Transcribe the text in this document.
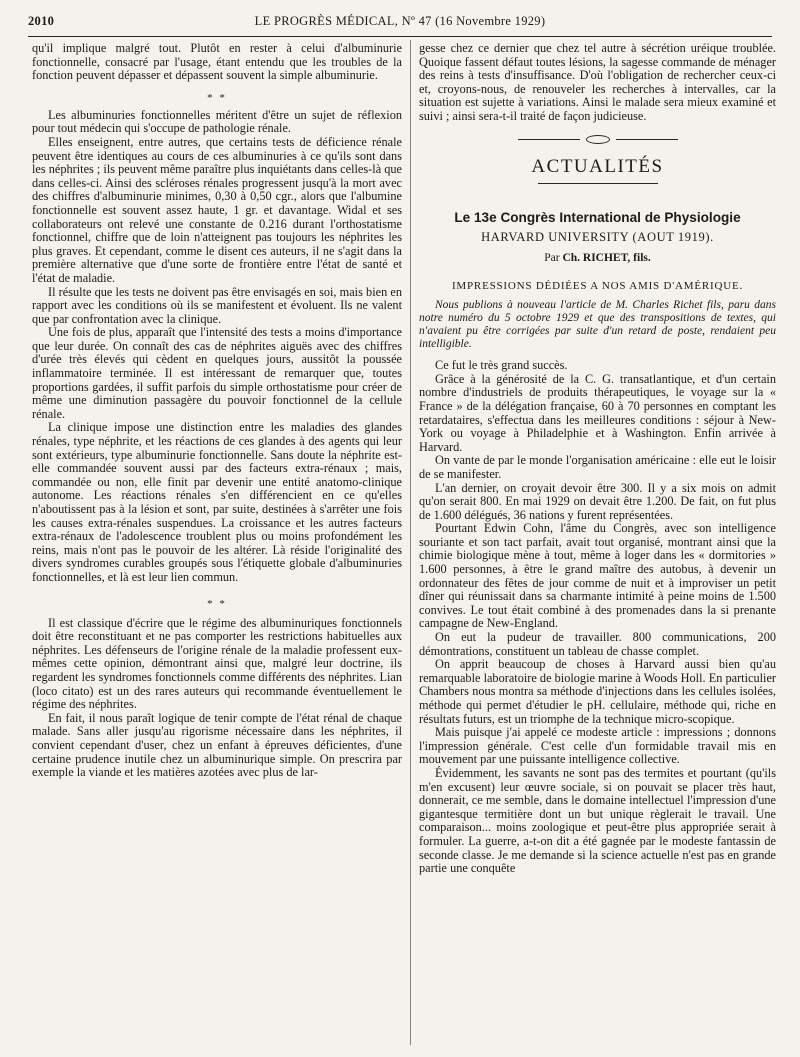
2010	LE PROGRÈS MÉDICAL, Nº 47 (16 Novembre 1929)

qu'il implique malgré tout. Plutôt en rester à celui d'albuminurie fonctionnelle, consacré par l'usage, étant entendu que les troubles de la fonction peuvent dépasser et dépassent souvent la simple albuminurie.

* *

Les albuminuries fonctionnelles méritent d'être un sujet de réflexion pour tout médecin qui s'occupe de pathologie rénale.

Elles enseignent, entre autres, que certains tests de déficience rénale peuvent être identiques au cours de ces albuminuries à ce qu'ils sont dans les néphrites ; ils peuvent même paraître plus inquiétants dans celles-là que dans celles-ci. Ainsi des scléroses rénales progressent jusqu'à la mort avec des chiffres d'albuminurie minimes, 0,30 à 0,50 cgr., alors que l'albumine fonctionnelle est souvent assez haute, 1 gr. et davantage. Widal et ses collaborateurs ont relevé une constante de 0.216 durant l'orthostatisme fonctionnel, chiffre que de loin n'atteignent pas toujours les néphrites les plus graves. Et cependant, comme le disent ces auteurs, il ne s'agit dans la première alternative que d'une sorte de frontière entre l'état de santé et l'état de maladie.

Il résulte que les tests ne doivent pas être envisagés en soi, mais bien en rapport avec les conditions où ils se manifestent et évoluent. Ils ne valent que par confrontation avec la clinique.

Une fois de plus, apparaît que l'intensité des tests a moins d'importance que leur durée. On connaît des cas de néphrites aiguës avec des chiffres d'urée très élevés qui cèdent en quelques jours, aussitôt la poussée inflammatoire terminée. Il est intéressant de remarquer que, toutes proportions gardées, il suffit parfois du simple orthostatisme pour créer de même une diminution passagère du pouvoir fonctionnel de la cellule rénale.

La clinique impose une distinction entre les maladies des glandes rénales, type néphrite, et les réactions de ces glandes à des agents qui leur sont extérieurs, type albuminurie fonctionnelle. Sans doute la néphrite est-elle commandée souvent aussi par des facteurs extra-rénaux ; mais, commandée ou non, elle finit par devenir une entité anatomo-clinique autonome. Les réactions rénales s'en différencient en ce qu'elles n'aboutissent pas à la lésion et sont, par suite, destinées à s'arrêter une fois les causes extra-rénales suspendues. La croissance et les autres facteurs extra-rénaux de l'adolescence troublent plus ou moins profondément les reins, mais n'ont pas le pouvoir de les altérer. Là réside l'originalité des divers syndromes curables groupés sous l'étiquette globale d'albuminuries fonctionnelles, et là est leur lien commun.

* *

Il est classique d'écrire que le régime des albuminuriques fonctionnels doit être reconstituant et ne pas comporter les restrictions habituelles aux néphrites. Les défenseurs de l'origine rénale de la maladie professent eux-mêmes cette opinion, démontrant ainsi que, malgré leur doctrine, ils regardent les syndromes fonctionnels comme différents des néphrites. Lian (loco citato) est un des rares auteurs qui recommande éventuellement le régime des néphrites.

En fait, il nous paraît logique de tenir compte de l'état rénal de chaque malade. Sans aller jusqu'au rigorisme nécessaire dans les néphrites, il convient cependant d'user, chez un enfant à épreuves déficientes, d'une certaine prudence inutile chez un albuminurique simple. On prescrira par exemple la viande et les matières azotées avec plus de lar-

gesse chez ce dernier que chez tel autre à sécrétion uréique troublée. Quoique fassent défaut toutes lésions, la sagesse commande de ménager des reins à tests d'insuffisance. D'où l'obligation de rechercher ceux-ci et, croyons-nous, de renouveler les recherches à intervalles, car la situation est sujette à variations. Ainsi le malade sera mieux examiné et suivi ; ainsi sera-t-il traité de façon judicieuse.

ACTUALITÉS
Le 13e Congrès International de Physiologie
HARVARD UNIVERSITY (AOUT 1919).
Par Ch. RICHET, fils.
IMPRESSIONS DÉDIÉES A NOS AMIS D'AMÉRIQUE.

Nous publions à nouveau l'article de M. Charles Richet fils, paru dans notre numéro du 5 octobre 1929 et que des transpositions de textes, qui n'avaient pu être corrigées par suite d'un retard de poste, rendaient peu intelligible.

Ce fut le très grand succès.

Grâce à la générosité de la C. G. transatlantique, et d'un certain nombre d'industriels de produits thérapeutiques, le voyage sur la « France » de la délégation française, 60 à 70 personnes en comptant les retardataires, s'effectua dans les meilleures conditions : séjour à New-York ou voyage à Philadelphie et à Washington. Enfin arrivée à Harvard.

On vante de par le monde l'organisation américaine : elle eut le loisir de se manifester.

L'an dernier, on croyait devoir être 300. Il y a six mois on admit qu'on serait 800. En mai 1929 on devait être 1.200. De fait, on fut plus de 1.600 délégués, 36 nations y furent représentées.

Pourtant Edwin Cohn, l'âme du Congrès, avec son intelligence souriante et son tact parfait, avait tout organisé, montrant ainsi que la chimie biologique mène à tout, même à loger dans les « dormitories » 1.600 personnes, à être le grand maître des autobus, à devenir un ordonnateur des fêtes de jour comme de nuit et à improviser un petit dîner qui réunissait dans sa charmante intimité à peine moins de 1.500 convives. Le tout était combiné à des promenades dans la si prenante campagne de New-England.

On eut la pudeur de travailler. 800 communications, 200 démontrations, constituent un tableau de chasse complet.

On apprit beaucoup de choses à Harvard aussi bien qu'au remarquable laboratoire de biologie marine à Woods Holl. En particulier Chambers nous montra sa méthode d'injections dans les cellules isolées, méthode qui permet d'étudier le pH. cellulaire, méthode qui, riche en résultats futurs, est un triomphe de la technique micro-scopique.

Mais puisque j'ai appelé ce modeste article : impressions ; donnons l'impression générale. C'est celle d'un formidable travail mis en mouvement par une puissante intelligence collective.

Évidemment, les savants ne sont pas des termites et pourtant (qu'ils m'en excusent) leur œuvre sociale, si on pouvait se placer très haut, donnerait, ce me semble, dans le domaine intellectuel l'impression d'une gigantesque termitière dont un but unique règlerait le travail. Une comparaison... moins zoologique et peut-être plus appropriée serait à formuler. La guerre, a-t-on dit a été gagnée par le modeste fantassin de seconde classe. Je me demande si la science actuelle n'est pas en grande partie une conquête
